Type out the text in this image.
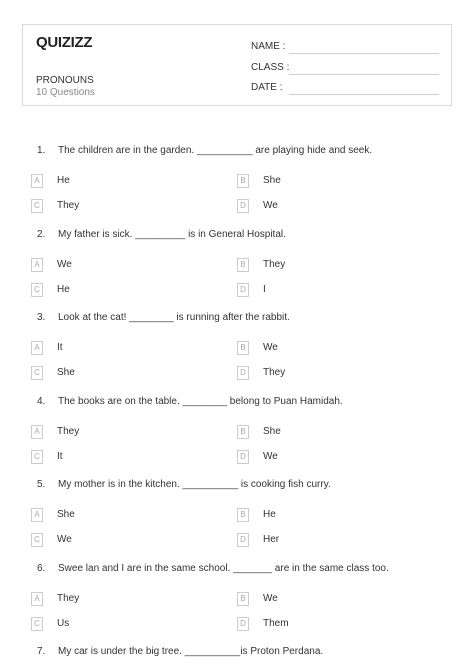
QUIZIZZ
PRONOUNS
10 Questions
NAME :
CLASS :
DATE :
1. The children are in the garden. __________ are playing hide and seek.
A	He	B	She
C	They	D	We
2. My father is sick. _________ is in General Hospital.
A	We	B	They
C	He	D	I
3. Look at the cat! ________ is running after the rabbit.
A	It	B	We
C	She	D	They
4. The books are on the table. ________ belong to Puan Hamidah.
A	They	B	She
C	It	D	We
5. My mother is in the kitchen. __________ is cooking fish curry.
A	She	B	He
C	We	D	Her
6. Swee lan and I are in the same school. _______ are in the same class too.
A	They	B	We
C	Us	D	Them
7. My car is under the big tree. __________is Proton Perdana.
